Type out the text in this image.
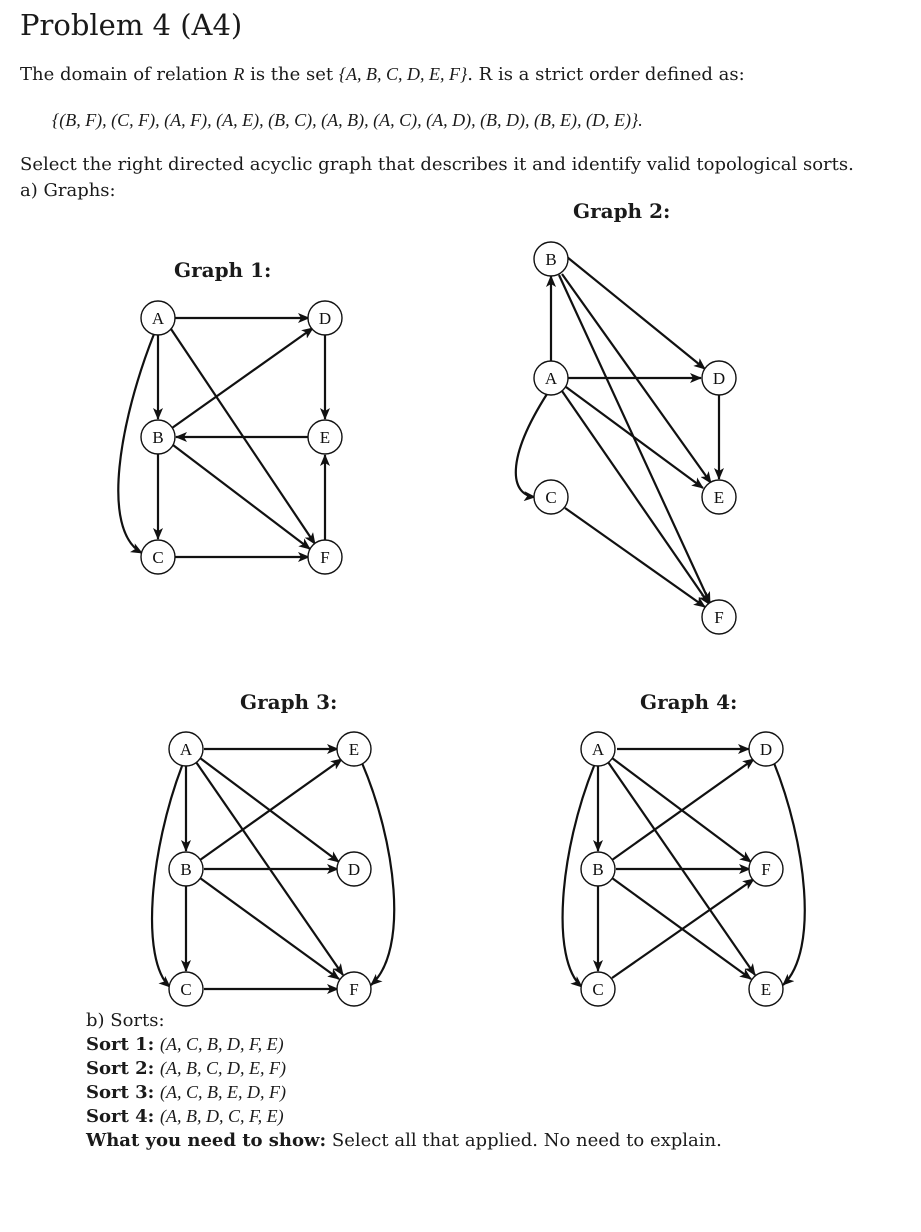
Problem 4 (A4)
The domain of relation R is the set {A, B, C, D, E, F}. R is a strict order defined as:
{(B, F), (C, F), (A, F), (A, E), (B, C), (A, B), (A, C), (A, D), (B, D), (B, E), (D, E)}.
Select the right directed acyclic graph that describes it and identify valid topological sorts.
a) Graphs:
Graph 1:
Graph 2:
Graph 3:	Graph 4:
A
B
C
D
E
F
A
B
C
D
E
F
A
B
C
D
E
F
A
B
C
D
E
F
b) Sorts:
Sort 1: (A, C, B, D, F, E)
Sort 2: (A, B, C, D, E, F)
Sort 3: (A, C, B, E, D, F)
Sort 4: (A, B, D, C, F, E)
What you need to show: Select all that applied. No need to explain.
